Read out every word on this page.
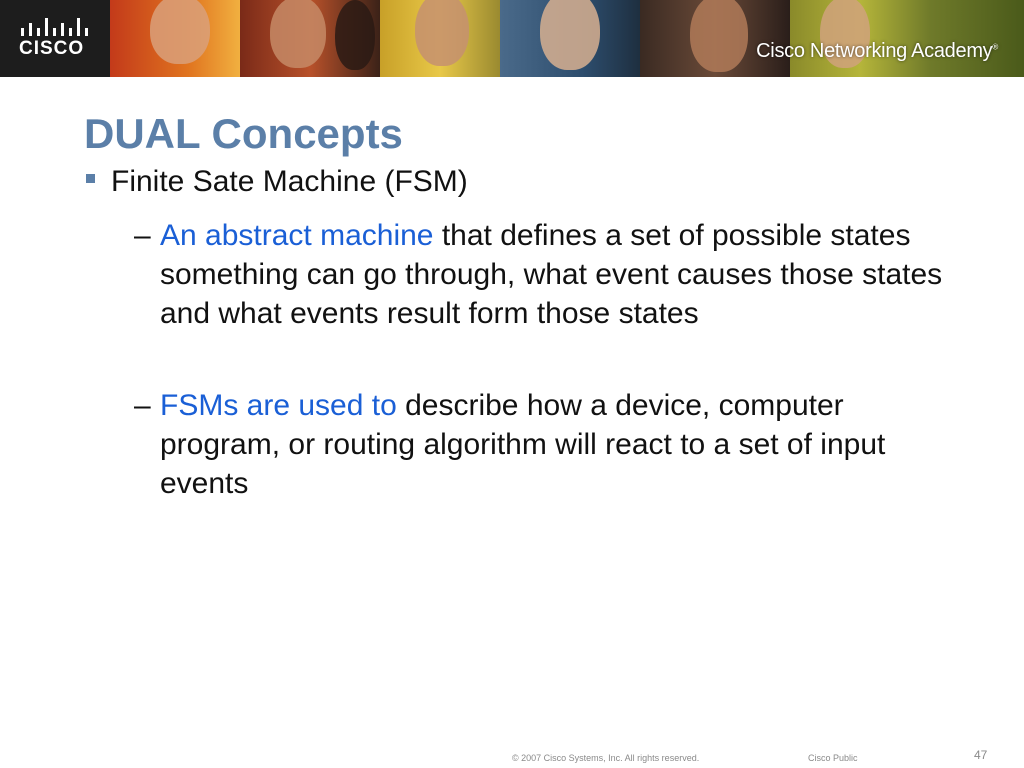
CISCO	Cisco Networking Academy®
DUAL Concepts
Finite Sate Machine (FSM)
– An abstract machine that defines a set of possible states something can go through, what event causes those states and what events result form those states
– FSMs are used to describe how a device, computer program, or routing algorithm will react to a set of input events
© 2007 Cisco Systems, Inc. All rights reserved.	Cisco Public	47
